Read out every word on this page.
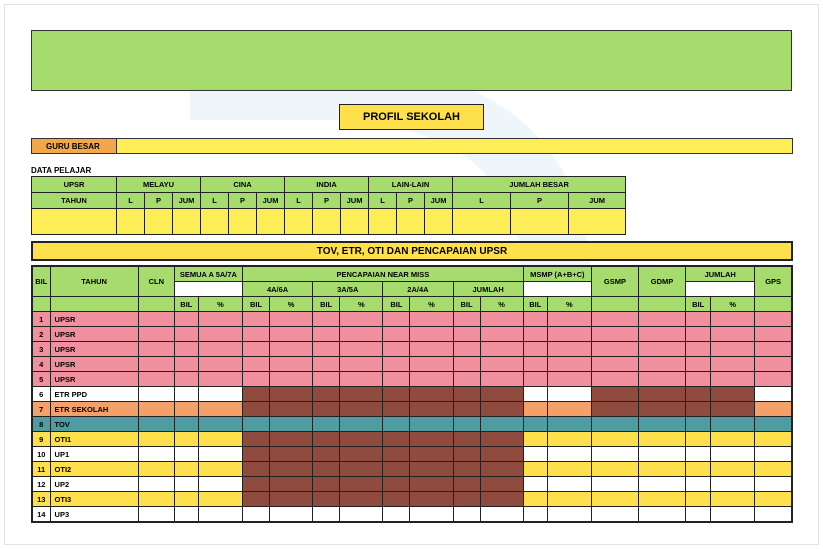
PROFIL SEKOLAH
GURU BESAR
DATA PELAJAR
UPSR	MELAYU			CINA			INDIA			LAIN-LAIN			JUMLAH BESAR		
TAHUN	L	P	JUM	L	P	JUM	L	P	JUM	L	P	JUM	L	P	JUM

TOV, ETR, OTI DAN PENCAPAIAN UPSR
BIL	TAHUN	CLN	SEMUA A 5A/7A		PENCAPAIAN NEAR MISS								MSMP (A+B+C)		GSMP	GDMP	JUMLAH		GPS
					4A/6A		3A/5A		2A/4A		JUMLAH								
			BIL	%	BIL	%	BIL	%	BIL	%	BIL	%	BIL	%			BIL	%	
1	UPSR																		
2	UPSR																		
3	UPSR																		
4	UPSR																		
5	UPSR																		
6	ETR PPD																		
7	ETR SEKOLAH																		
8	TOV																		
9	OTI1																		
10	UP1																		
11	OTI2																		
12	UP2																		
13	OTI3																		
14	UP3																		
